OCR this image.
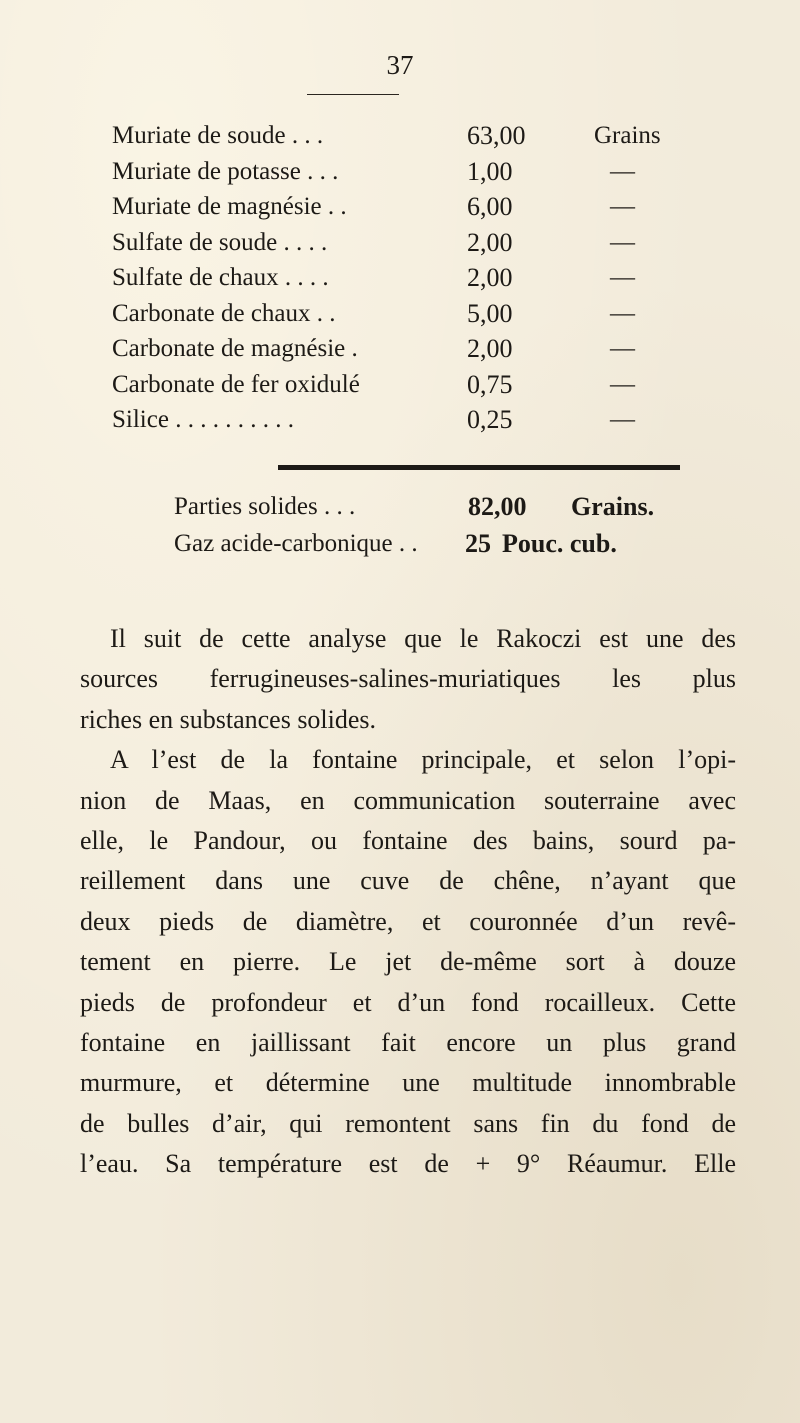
37
Muriate de soude . . .	63,00	Grains
Muriate de potasse . . .	1,00	—
Muriate de magnésie . .	6,00	—
Sulfate de soude . . . .	2,00	—
Sulfate de chaux . . . .	2,00	—
Carbonate de chaux . .	5,00	—
Carbonate de magnésie .	2,00	—
Carbonate de fer oxidulé	0,75	—
Silice . . . . . . . . . .	0,25	—
Parties solides . . .	82,00 Grains.
Gaz acide-carbonique . . 25 Pouc. cub.

Il suit de cette analyse que le Rakoczi est une des
sources ferrugineuses-salines-muriatiques les plus
riches en substances solides.

A l’est de la fontaine principale, et selon l’opi-
nion de Maas, en communication souterraine avec
elle, le Pandour, ou fontaine des bains, sourd pa-
reillement dans une cuve de chêne, n’ayant que
deux pieds de diamètre, et couronnée d’un revê-
tement en pierre. Le jet de-même sort à douze
pieds de profondeur et d’un fond rocailleux. Cette
fontaine en jaillissant fait encore un plus grand
murmure, et détermine une multitude innombrable
de bulles d’air, qui remontent sans fin du fond de
l’eau. Sa température est de + 9° Réaumur. Elle
